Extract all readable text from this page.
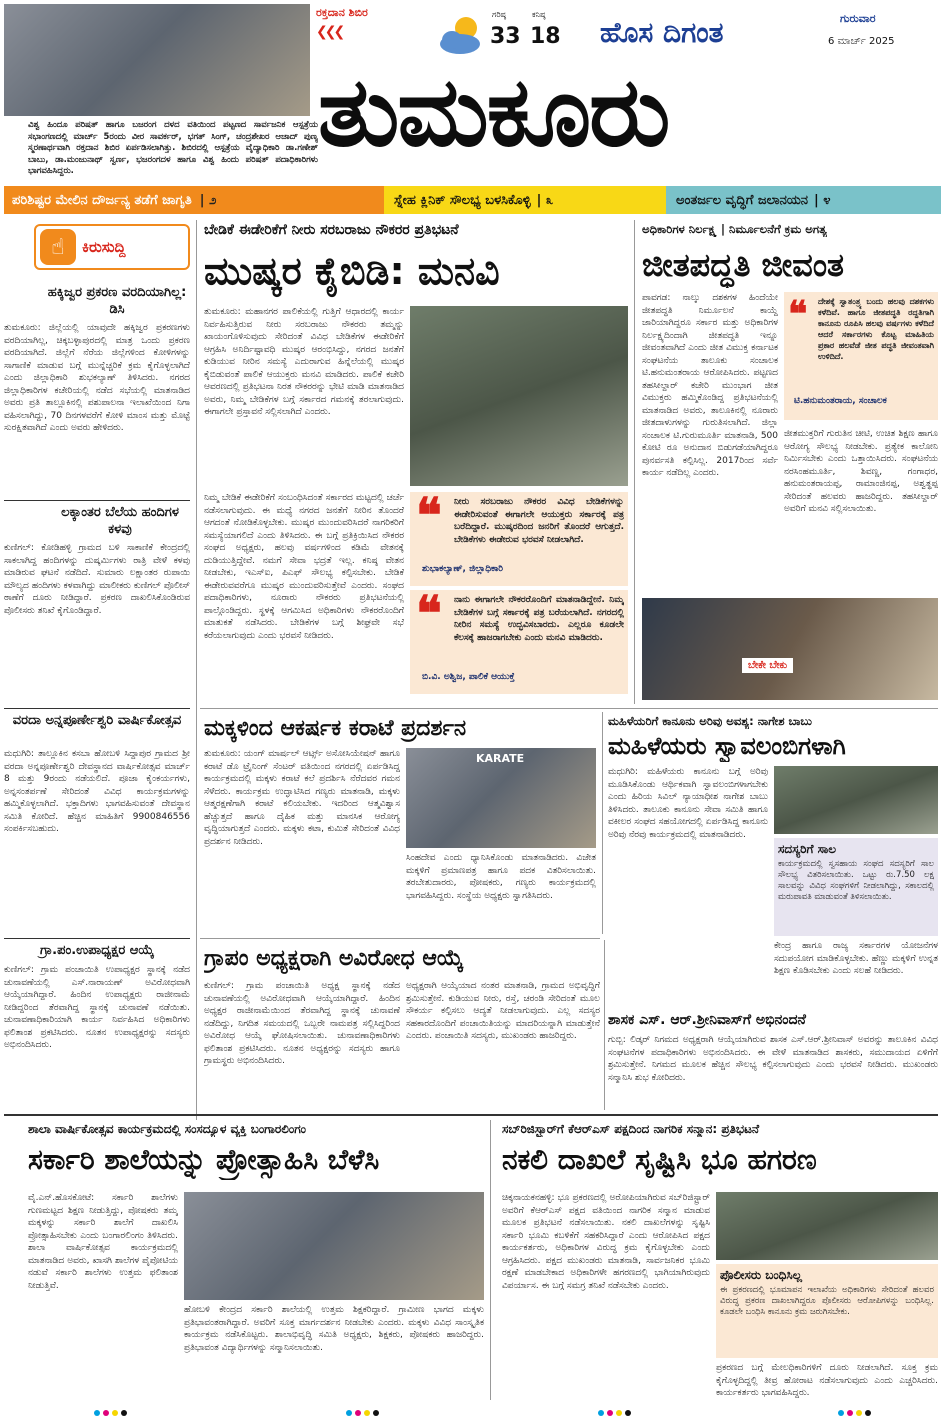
ವಿಶ್ವ ಹಿಂದೂ ಪರಿಷತ್ ಹಾಗೂ ಬಜರಂಗ ದಳದ ವತಿಯಿಂದ ಪಟ್ಟಣದ ಸಾರ್ವಜನಿಕ ಆಸ್ಪತ್ರೆಯ ಸಭಾಂಗಣದಲ್ಲಿ ಮಾರ್ಚ್ 5ರಂದು ವೀರ ಸಾವರ್ಕರ್, ಭಗತ್ ಸಿಂಗ್, ಚಂದ್ರಶೇಖರ ಆಜಾದ್ ಪುಣ್ಯ ಸ್ಮರಣಾರ್ಥವಾಗಿ ರಕ್ತದಾನ ಶಿಬಿರ ಏರ್ಪಡಿಸಲಾಗಿತ್ತು. ಶಿಬಿರದಲ್ಲಿ ಆಸ್ಪತ್ರೆಯ ವೈದ್ಯಾಧಿಕಾರಿ ಡಾ.ಗಣೇಶ್ ಬಾಬು, ಡಾ.ಮಂಜುನಾಥ್ ಸ್ವರ್ಣ, ಭಜರಂಗದಳ ಹಾಗೂ ವಿಶ್ವ ಹಿಂದು ಪರಿಷತ್ ಪದಾಧಿಕಾರಿಗಳು ಭಾಗವಹಿಸಿದ್ದರು.
ರಕ್ತದಾನ ಶಿಬಿರ
❮❮❮
ಗರಿಷ್ಠ
33
ಕನಿಷ್ಠ
18 ಹೊಸ ದಿಗಂತ	ಗುರುವಾರ
6 ಮಾರ್ಚ್ 2025
ತುಮಕೂರು
ಪರಿಶಿಷ್ಟರ ಮೇಲಿನ ದೌರ್ಜನ್ಯ ತಡೆಗೆ ಜಾಗೃತಿ | ೨	ಸ್ನೇಹ ಕ್ಲಿನಿಕ್ ಸೌಲಭ್ಯ ಬಳಸಿಕೊಳ್ಳಿ | ೩	ಅಂತರ್ಜಲ ವೃದ್ಧಿಗೆ ಜಲಾನಯನ | ೪
☝	ಕಿರುಸುದ್ದಿ
ಹಕ್ಕಿಜ್ವರ ಪ್ರಕರಣ ವರದಿಯಾಗಿಲ್ಲ: ಡಿಸಿ
ತುಮಕೂರು: ಜಿಲ್ಲೆಯಲ್ಲಿ ಯಾವುದೇ ಹಕ್ಕಿಜ್ವರ ಪ್ರಕರಣಗಳು ವರದಿಯಾಗಿಲ್ಲ, ಚಿಕ್ಕಬಳ್ಳಾಪುರದಲ್ಲಿ ಮಾತ್ರ ಒಂದು ಪ್ರಕರಣ ವರದಿಯಾಗಿದೆ. ಜಿಲ್ಲೆಗೆ ನೆರೆಯ ಜಿಲ್ಲೆಗಳಿಂದ ಕೋಳಿಗಳನ್ನು ಸಾಗಾಣಿಕೆ ಮಾಡುವ ಬಗ್ಗೆ ಮುನ್ನೆಚ್ಚರಿಕೆ ಕ್ರಮ ಕೈಗೊಳ್ಳಲಾಗಿದೆ ಎಂದು ಜಿಲ್ಲಾಧಿಕಾರಿ ಶುಭಕಲ್ಯಾಣ್ ತಿಳಿಸಿದರು. ನಗರದ ಜಿಲ್ಲಾಧಿಕಾರಿಗಳ ಕಚೇರಿಯಲ್ಲಿ ನಡೆದ ಸಭೆಯಲ್ಲಿ ಮಾತನಾಡಿದ ಅವರು ಪ್ರತಿ ತಾಲ್ಲೂಕಿನಲ್ಲಿ ಪಶುಪಾಲನಾ ಇಲಾಖೆಯಿಂದ ನಿಗಾ ವಹಿಸಲಾಗಿದ್ದು, 70 ದಿನಗಳವರೆಗೆ ಕೋಳಿ ಮಾಂಸ ಮತ್ತು ಮೊಟ್ಟೆ ಸುರಕ್ಷಿತವಾಗಿದೆ ಎಂದು ಅವರು ಹೇಳಿದರು.
ಲಕ್ಕಾಂತರ ಬೆಲೆಯ ಹಂದಿಗಳ ಕಳವು
ಕುಣಿಗಲ್: ಕೋಡಿಹಳ್ಳಿ ಗ್ರಾಮದ ಬಳಿ ಸಾಕಾಣಿಕೆ ಕೇಂದ್ರದಲ್ಲಿ ಸಾಕಲಾಗಿದ್ದ ಹಂದಿಗಳನ್ನು ದುಷ್ಕರ್ಮಿಗಳು ರಾತ್ರಿ ವೇಳೆ ಕಳವು ಮಾಡಿರುವ ಘಟನೆ ನಡೆದಿದೆ. ಸುಮಾರು ಲಕ್ಷಾಂತರ ರುಪಾಯಿ ಮೌಲ್ಯದ ಹಂದಿಗಳು ಕಳವಾಗಿದ್ದು ಮಾಲೀಕರು ಕುಣಿಗಲ್ ಪೊಲೀಸ್ ಠಾಣೆಗೆ ದೂರು ನೀಡಿದ್ದಾರೆ. ಪ್ರಕರಣ ದಾಖಲಿಸಿಕೊಂಡಿರುವ ಪೊಲೀಸರು ತನಿಖೆ ಕೈಗೊಂಡಿದ್ದಾರೆ.
ವರದಾ ಅನ್ನಪೂರ್ಣೇಶ್ವರಿ ವಾರ್ಷಿಕೋತ್ಸವ
ಮಧುಗಿರಿ: ತಾಲ್ಲೂಕಿನ ಕಸಬಾ ಹೋಬಳಿ ಸಿದ್ದಾಪುರ ಗ್ರಾಮದ ಶ್ರೀ ವರದಾ ಅನ್ನಪೂರ್ಣೇಶ್ವರಿ ದೇವಸ್ಥಾನದ ವಾರ್ಷಿಕೋತ್ಸವ ಮಾರ್ಚ್ 8 ಮತ್ತು 9ರಂದು ನಡೆಯಲಿದೆ. ಪೂಜಾ ಕೈಂಕರ್ಯಗಳು, ಅನ್ನಸಂತರ್ಪಣೆ ಸೇರಿದಂತೆ ವಿವಿಧ ಕಾರ್ಯಕ್ರಮಗಳನ್ನು ಹಮ್ಮಿಕೊಳ್ಳಲಾಗಿದೆ. ಭಕ್ತಾದಿಗಳು ಭಾಗವಹಿಸುವಂತೆ ದೇವಸ್ಥಾನ ಸಮಿತಿ ಕೋರಿದೆ. ಹೆಚ್ಚಿನ ಮಾಹಿತಿಗೆ 9900846556 ಸಂಪರ್ಕಿಸಬಹುದು.
ಗ್ರಾ.ಪಂ.ಉಪಾಧ್ಯಕ್ಷರ ಆಯ್ಕೆ
ಕುಣಿಗಲ್: ಗ್ರಾಮ ಪಂಚಾಯಿತಿ ಉಪಾಧ್ಯಕ್ಷರ ಸ್ಥಾನಕ್ಕೆ ನಡೆದ ಚುನಾವಣೆಯಲ್ಲಿ ಎಸ್.ನಾರಾಯಣ್ ಅವಿರೋಧವಾಗಿ ಆಯ್ಕೆಯಾಗಿದ್ದಾರೆ. ಹಿಂದಿನ ಉಪಾಧ್ಯಕ್ಷರು ರಾಜೀನಾಮೆ ನೀಡಿದ್ದರಿಂದ ತೆರವಾಗಿದ್ದ ಸ್ಥಾನಕ್ಕೆ ಚುನಾವಣೆ ನಡೆಯಿತು. ಚುನಾವಣಾಧಿಕಾರಿಯಾಗಿ ಕಾರ್ಯ ನಿರ್ವಹಿಸಿದ ಅಧಿಕಾರಿಗಳು ಫಲಿತಾಂಶ ಪ್ರಕಟಿಸಿದರು. ನೂತನ ಉಪಾಧ್ಯಕ್ಷರನ್ನು ಸದಸ್ಯರು ಅಭಿನಂದಿಸಿದರು.
ಬೇಡಿಕೆ ಈಡೇರಿಕೆಗೆ ನೀರು ಸರಬರಾಜು ನೌಕರರ ಪ್ರತಿಭಟನೆ
ಮುಷ್ಕರ ಕೈಬಿಡಿ: ಮನವಿ
ತುಮಕೂರು: ಮಹಾನಗರ ಪಾಲಿಕೆಯಲ್ಲಿ ಗುತ್ತಿಗೆ ಆಧಾರದಲ್ಲಿ ಕಾರ್ಯ ನಿರ್ವಹಿಸುತ್ತಿರುವ ನೀರು ಸರಬರಾಜು ನೌಕರರು ತಮ್ಮನ್ನು ಖಾಯಂಗೊಳಿಸುವುದು ಸೇರಿದಂತೆ ವಿವಿಧ ಬೇಡಿಕೆಗಳ ಈಡೇರಿಕೆಗೆ ಆಗ್ರಹಿಸಿ ಅನಿರ್ದಿಷ್ಟಾವಧಿ ಮುಷ್ಕರ ಆರಂಭಿಸಿದ್ದು, ನಗರದ ಜನತೆಗೆ ಕುಡಿಯುವ ನೀರಿನ ಸಮಸ್ಯೆ ಎದುರಾಗುವ ಹಿನ್ನೆಲೆಯಲ್ಲಿ ಮುಷ್ಕರ ಕೈಬಿಡುವಂತೆ ಪಾಲಿಕೆ ಆಯುಕ್ತರು ಮನವಿ ಮಾಡಿದರು. ಪಾಲಿಕೆ ಕಚೇರಿ ಆವರಣದಲ್ಲಿ ಪ್ರತಿಭಟನಾ ನಿರತ ನೌಕರರನ್ನು ಭೇಟಿ ಮಾಡಿ ಮಾತನಾಡಿದ ಅವರು, ನಿಮ್ಮ ಬೇಡಿಕೆಗಳ ಬಗ್ಗೆ ಸರ್ಕಾರದ ಗಮನಕ್ಕೆ ತರಲಾಗುವುದು. ಈಗಾಗಲೇ ಪ್ರಸ್ತಾವನೆ ಸಲ್ಲಿಸಲಾಗಿದೆ ಎಂದರು.
ನಿಮ್ಮ ಬೇಡಿಕೆ ಈಡೇರಿಕೆಗೆ ಸಂಬಂಧಿಸಿದಂತೆ ಸರ್ಕಾರದ ಮಟ್ಟದಲ್ಲಿ ಚರ್ಚೆ ನಡೆಸಲಾಗುವುದು. ಈ ಮಧ್ಯೆ ನಗರದ ಜನತೆಗೆ ನೀರಿನ ತೊಂದರೆ ಆಗದಂತೆ ನೋಡಿಕೊಳ್ಳಬೇಕು. ಮುಷ್ಕರ ಮುಂದುವರಿಸಿದರೆ ನಾಗರಿಕರಿಗೆ ಸಮಸ್ಯೆಯಾಗಲಿದೆ ಎಂದು ತಿಳಿಸಿದರು. ಈ ಬಗ್ಗೆ ಪ್ರತಿಕ್ರಿಯಿಸಿದ ನೌಕರರ ಸಂಘದ ಅಧ್ಯಕ್ಷರು, ಹಲವು ವರ್ಷಗಳಿಂದ ಕಡಿಮೆ ವೇತನಕ್ಕೆ ದುಡಿಯುತ್ತಿದ್ದೇವೆ. ನಮಗೆ ಸೇವಾ ಭದ್ರತೆ ಇಲ್ಲ. ಕನಿಷ್ಠ ವೇತನ ನೀಡಬೇಕು, ಇಎಸ್ಐ, ಪಿಎಫ್ ಸೌಲಭ್ಯ ಕಲ್ಪಿಸಬೇಕು. ಬೇಡಿಕೆ ಈಡೇರುವವರೆಗೂ ಮುಷ್ಕರ ಮುಂದುವರಿಸುತ್ತೇವೆ ಎಂದರು. ಸಂಘದ ಪದಾಧಿಕಾರಿಗಳು, ನೂರಾರು ನೌಕರರು ಪ್ರತಿಭಟನೆಯಲ್ಲಿ ಪಾಲ್ಗೊಂಡಿದ್ದರು. ಸ್ಥಳಕ್ಕೆ ಆಗಮಿಸಿದ ಅಧಿಕಾರಿಗಳು ನೌಕರರೊಂದಿಗೆ ಮಾತುಕತೆ ನಡೆಸಿದರು. ಬೇಡಿಕೆಗಳ ಬಗ್ಗೆ ಶೀಘ್ರವೇ ಸಭೆ ಕರೆಯಲಾಗುವುದು ಎಂದು ಭರವಸೆ ನೀಡಿದರು.
❝ ನೀರು ಸರಬರಾಜು ನೌಕರರ ವಿವಿಧ ಬೇಡಿಕೆಗಳನ್ನು ಈಡೇರಿಸುವಂತೆ ಈಗಾಗಲೇ ಆಯುಕ್ತರು ಸರ್ಕಾರಕ್ಕೆ ಪತ್ರ ಬರೆದಿದ್ದಾರೆ. ಮುಷ್ಕರದಿಂದ ಜನರಿಗೆ ತೊಂದರೆ ಆಗುತ್ತದೆ. ಬೇಡಿಕೆಗಳು ಈಡೇರುವ ಭರವಸೆ ನೀಡಲಾಗಿದೆ.
ಶುಭಾಕಲ್ಯಾಣ್, ಜಿಲ್ಲಾಧಿಕಾರಿ
❝ ನಾನು ಈಗಾಗಲೇ ನೌಕರರೊಂದಿಗೆ ಮಾತನಾಡಿದ್ದೇನೆ. ನಿಮ್ಮ ಬೇಡಿಕೆಗಳ ಬಗ್ಗೆ ಸರ್ಕಾರಕ್ಕೆ ಪತ್ರ ಬರೆಯಲಾಗಿದೆ. ನಗರದಲ್ಲಿ ನೀರಿನ ಸಮಸ್ಯೆ ಉದ್ಭವಿಸಬಾರದು. ಎಲ್ಲರೂ ಕೂಡಲೇ ಕೆಲಸಕ್ಕೆ ಹಾಜರಾಗಬೇಕು ಎಂದು ಮನವಿ ಮಾಡಿದರು.
ಬಿ.ವಿ. ಅಶ್ವಿಜ, ಪಾಲಿಕೆ ಆಯುಕ್ತೆ
ಅಧಿಕಾರಿಗಳ ನಿರ್ಲಕ್ಷ್ಯ | ನಿರ್ಮೂಲನೆಗೆ ಕ್ರಮ ಅಗತ್ಯ
ಜೀತಪದ್ಧತಿ ಜೀವಂತ
ಪಾವಗಡ: ನಾಲ್ಕು ದಶಕಗಳ ಹಿಂದೆಯೇ ಜೀತಪದ್ಧತಿ ನಿರ್ಮೂಲನೆ ಕಾಯ್ದೆ ಜಾರಿಯಾಗಿದ್ದರೂ ಸರ್ಕಾರ ಮತ್ತು ಅಧಿಕಾರಿಗಳ ನಿರ್ಲಕ್ಷ್ಯದಿಂದಾಗಿ ಜೀತಪದ್ಧತಿ ಇನ್ನೂ ಜೀವಂತವಾಗಿದೆ ಎಂದು ಜೀತ ವಿಮುಕ್ತ ಕರ್ನಾಟಕ ಸಂಘಟನೆಯ ತಾಲೂಕು ಸಂಚಾಲಕ ಟಿ.ಹನುಮಂತರಾಯ ಆರೋಪಿಸಿದರು. ಪಟ್ಟಣದ ತಹಸೀಲ್ದಾರ್ ಕಚೇರಿ ಮುಂಭಾಗ ಜೀತ ವಿಮುಕ್ತರು ಹಮ್ಮಿಕೊಂಡಿದ್ದ ಪ್ರತಿಭಟನೆಯಲ್ಲಿ ಮಾತನಾಡಿದ ಅವರು, ತಾಲೂಕಿನಲ್ಲಿ ನೂರಾರು ಜೀತದಾಳುಗಳನ್ನು ಗುರುತಿಸಲಾಗಿದೆ. ಜಿಲ್ಲಾ ಸಂಚಾಲಕ ಟಿ.ಗುರುಮೂರ್ತಿ ಮಾತನಾಡಿ, 500 ಕೋಟಿ ರೂ ಅನುದಾನ ಬಿಡುಗಡೆಯಾಗಿದ್ದರೂ ಪುನರ್ವಸತಿ ಕಲ್ಪಿಸಿಲ್ಲ. 2017ರಿಂದ ಸರ್ವೆ ಕಾರ್ಯ ನಡೆದಿಲ್ಲ ಎಂದರು.
❝ ದೇಶಕ್ಕೆ ಸ್ವಾತಂತ್ರ್ಯ ಬಂದು ಹಲವು ದಶಕಗಳು ಕಳೆದಿವೆ. ಹಾಗೂ ಜೀತಪದ್ಧತಿ ರದ್ದತಿಗಾಗಿ ಕಾನೂನು ರೂಪಿಸಿ ಹಲವು ವರ್ಷಗಳು ಕಳೆದಿದೆ ಆದರೆ ಸರ್ಕಾರಗಳು ಕೊಟ್ಟ ಮಾಹಿತಿಯ ಪ್ರಕಾರ ಹಲವೆಡೆ ಜೀತ ಪದ್ಧತಿ ಜೀವಂತವಾಗಿ ಉಳಿದಿದೆ.
ಟಿ.ಹನುಮಂತರಾಯ, ಸಂಚಾಲಕ
ಜೀತಮುಕ್ತರಿಗೆ ಗುರುತಿನ ಚೀಟಿ, ಉಚಿತ ಶಿಕ್ಷಣ ಹಾಗೂ ಆರೋಗ್ಯ ಸೌಲಭ್ಯ ನೀಡಬೇಕು. ಪ್ರತ್ಯೇಕ ಕಾಲೋನಿ ನಿರ್ಮಿಸಬೇಕು ಎಂದು ಒತ್ತಾಯಿಸಿದರು. ಸಂಘಟನೆಯ ನರಸಿಂಹಮೂರ್ತಿ, ಶಿವಣ್ಣ, ಗಂಗಾಧರ, ಹನುಮಂತರಾಯಪ್ಪ, ರಾಮಾಂಜಿನಪ್ಪ, ಅಶ್ವತ್ಥಪ್ಪ ಸೇರಿದಂತೆ ಹಲವರು ಹಾಜರಿದ್ದರು. ತಹಸೀಲ್ದಾರ್ ಅವರಿಗೆ ಮನವಿ ಸಲ್ಲಿಸಲಾಯಿತು.
ಬೇಕೇ ಬೇಕು
ಮಕ್ಕಳಿಂದ ಆಕರ್ಷಕ ಕರಾಟೆ ಪ್ರದರ್ಶನ
ತುಮಕೂರು: ಯಂಗ್ ಮಾರ್ಷಲ್ ಆರ್ಟ್ಸ್ ಅಸೋಸಿಯೇಷನ್ ಹಾಗೂ ಕರಾಟೆ ಡೊ ಟ್ರೈನಿಂಗ್ ಸೆಂಟರ್ ವತಿಯಿಂದ ನಗರದಲ್ಲಿ ಏರ್ಪಡಿಸಿದ್ದ ಕಾರ್ಯಕ್ರಮದಲ್ಲಿ ಮಕ್ಕಳು ಕರಾಟೆ ಕಲೆ ಪ್ರದರ್ಶಿಸಿ ನೆರೆದವರ ಗಮನ ಸೆಳೆದರು. ಕಾರ್ಯಕ್ರಮ ಉದ್ಘಾಟಿಸಿದ ಗಣ್ಯರು ಮಾತನಾಡಿ, ಮಕ್ಕಳು ಆತ್ಮರಕ್ಷಣೆಗಾಗಿ ಕರಾಟೆ ಕಲಿಯಬೇಕು. ಇದರಿಂದ ಆತ್ಮವಿಶ್ವಾಸ ಹೆಚ್ಚುತ್ತದೆ ಹಾಗೂ ದೈಹಿಕ ಮತ್ತು ಮಾನಸಿಕ ಆರೋಗ್ಯ ವೃದ್ಧಿಯಾಗುತ್ತದೆ ಎಂದರು. ಮಕ್ಕಳು ಕಟಾ, ಕುಮಿತೆ ಸೇರಿದಂತೆ ವಿವಿಧ ಪ್ರದರ್ಶನ ನೀಡಿದರು.
KARATE
ಸಿಂಹದೇವ ಎಂದು ಧ್ಯಾನಿಸಿಕೊಂಡು ಮಾತನಾಡಿದರು. ವಿಜೇತ ಮಕ್ಕಳಿಗೆ ಪ್ರಮಾಣಪತ್ರ ಹಾಗೂ ಪದಕ ವಿತರಿಸಲಾಯಿತು. ತರಬೇತುದಾರರು, ಪೋಷಕರು, ಗಣ್ಯರು ಕಾರ್ಯಕ್ರಮದಲ್ಲಿ ಭಾಗವಹಿಸಿದ್ದರು. ಸಂಸ್ಥೆಯ ಅಧ್ಯಕ್ಷರು ಸ್ವಾಗತಿಸಿದರು.
ಮಹಿಳೆಯರಿಗೆ ಕಾನೂನು ಅರಿವು ಅವಶ್ಯ: ನಾಗೇಶ ಬಾಬು
ಮಹಿಳೆಯರು ಸ್ವಾವಲಂಬಿಗಳಾಗಿ
ಮಧುಗಿರಿ: ಮಹಿಳೆಯರು ಕಾನೂನು ಬಗ್ಗೆ ಅರಿವು ಮೂಡಿಸಿಕೊಂಡು ಆರ್ಥಿಕವಾಗಿ ಸ್ವಾವಲಂಬಿಗಳಾಗಬೇಕು ಎಂದು ಹಿರಿಯ ಸಿವಿಲ್ ನ್ಯಾಯಾಧೀಶ ನಾಗೇಶ ಬಾಬು ತಿಳಿಸಿದರು. ತಾಲೂಕು ಕಾನೂನು ಸೇವಾ ಸಮಿತಿ ಹಾಗೂ ವಕೀಲರ ಸಂಘದ ಸಹಯೋಗದಲ್ಲಿ ಏರ್ಪಡಿಸಿದ್ದ ಕಾನೂನು ಅರಿವು ನೆರವು ಕಾರ್ಯಕ್ರಮದಲ್ಲಿ ಮಾತನಾಡಿದರು.
ಸದಸ್ಯರಿಗೆ ಸಾಲ
ಕಾರ್ಯಕ್ರಮದಲ್ಲಿ ಸ್ವಸಹಾಯ ಸಂಘದ ಸದಸ್ಯರಿಗೆ ಸಾಲ ಸೌಲಭ್ಯ ವಿತರಿಸಲಾಯಿತು. ಒಟ್ಟು ರು.7.50 ಲಕ್ಷ ಸಾಲವನ್ನು ವಿವಿಧ ಸಂಘಗಳಿಗೆ ನೀಡಲಾಗಿದ್ದು, ಸಕಾಲದಲ್ಲಿ ಮರುಪಾವತಿ ಮಾಡುವಂತೆ ತಿಳಿಸಲಾಯಿತು.
ಕೇಂದ್ರ ಹಾಗೂ ರಾಜ್ಯ ಸರ್ಕಾರಗಳ ಯೋಜನೆಗಳ ಸದುಪಯೋಗ ಮಾಡಿಕೊಳ್ಳಬೇಕು. ಹೆಣ್ಣು ಮಕ್ಕಳಿಗೆ ಉನ್ನತ ಶಿಕ್ಷಣ ಕೊಡಿಸಬೇಕು ಎಂದು ಸಲಹೆ ನೀಡಿದರು.
ಗ್ರಾಪಂ ಅಧ್ಯಕ್ಷರಾಗಿ ಅವಿರೋಧ ಆಯ್ಕೆ
ಕುಣಿಗಲ್: ಗ್ರಾಮ ಪಂಚಾಯಿತಿ ಅಧ್ಯಕ್ಷ ಸ್ಥಾನಕ್ಕೆ ನಡೆದ ಚುನಾವಣೆಯಲ್ಲಿ ಅವಿರೋಧವಾಗಿ ಆಯ್ಕೆಯಾಗಿದ್ದಾರೆ. ಹಿಂದಿನ ಅಧ್ಯಕ್ಷರ ರಾಜೀನಾಮೆಯಿಂದ ತೆರವಾಗಿದ್ದ ಸ್ಥಾನಕ್ಕೆ ಚುನಾವಣೆ ನಡೆದಿದ್ದು, ನಿಗದಿತ ಸಮಯದಲ್ಲಿ ಒಬ್ಬರೇ ನಾಮಪತ್ರ ಸಲ್ಲಿಸಿದ್ದರಿಂದ ಅವಿರೋಧ ಆಯ್ಕೆ ಘೋಷಿಸಲಾಯಿತು. ಚುನಾವಣಾಧಿಕಾರಿಗಳು ಫಲಿತಾಂಶ ಪ್ರಕಟಿಸಿದರು. ನೂತನ ಅಧ್ಯಕ್ಷರನ್ನು ಸದಸ್ಯರು ಹಾಗೂ ಗ್ರಾಮಸ್ಥರು ಅಭಿನಂದಿಸಿದರು.
ಅಧ್ಯಕ್ಷರಾಗಿ ಆಯ್ಕೆಯಾದ ನಂತರ ಮಾತನಾಡಿ, ಗ್ರಾಮದ ಅಭಿವೃದ್ಧಿಗೆ ಶ್ರಮಿಸುತ್ತೇನೆ. ಕುಡಿಯುವ ನೀರು, ರಸ್ತೆ, ಚರಂಡಿ ಸೇರಿದಂತೆ ಮೂಲ ಸೌಕರ್ಯ ಕಲ್ಪಿಸಲು ಆದ್ಯತೆ ನೀಡಲಾಗುವುದು. ಎಲ್ಲ ಸದಸ್ಯರ ಸಹಕಾರದೊಂದಿಗೆ ಪಂಚಾಯಿತಿಯನ್ನು ಮಾದರಿಯನ್ನಾಗಿ ಮಾಡುತ್ತೇನೆ ಎಂದರು. ಪಂಚಾಯಿತಿ ಸದಸ್ಯರು, ಮುಖಂಡರು ಹಾಜರಿದ್ದರು.
ಶಾಸಕ ಎಸ್. ಆರ್.ಶ್ರೀನಿವಾಸ್‌ಗೆ ಅಭಿನಂದನೆ
ಗುಬ್ಬಿ: ಲಿಡ್ಕರ್ ನಿಗಮದ ಅಧ್ಯಕ್ಷರಾಗಿ ಆಯ್ಕೆಯಾಗಿರುವ ಶಾಸಕ ಎಸ್.ಆರ್.ಶ್ರೀನಿವಾಸ್ ಅವರನ್ನು ತಾಲೂಕಿನ ವಿವಿಧ ಸಂಘಟನೆಗಳ ಪದಾಧಿಕಾರಿಗಳು ಅಭಿನಂದಿಸಿದರು. ಈ ವೇಳೆ ಮಾತನಾಡಿದ ಶಾಸಕರು, ಸಮುದಾಯದ ಏಳಿಗೆಗೆ ಶ್ರಮಿಸುತ್ತೇನೆ. ನಿಗಮದ ಮೂಲಕ ಹೆಚ್ಚಿನ ಸೌಲಭ್ಯ ಕಲ್ಪಿಸಲಾಗುವುದು ಎಂದು ಭರವಸೆ ನೀಡಿದರು. ಮುಖಂಡರು ಸನ್ಮಾನಿಸಿ ಶುಭ ಕೋರಿದರು.
ಶಾಲಾ ವಾರ್ಷಿಕೋತ್ಸವ ಕಾರ್ಯಕ್ರಮದಲ್ಲಿ ಸಂಸದ್ಯೂಳ ವ್ಯಕ್ತಿ ಬಂಗಾರಲಿಂಗಂ
ಸರ್ಕಾರಿ ಶಾಲೆಯನ್ನು ಪ್ರೋತ್ಸಾಹಿಸಿ ಬೆಳೆಸಿ
ವೈ.ಎನ್.ಹೊಸಕೋಟೆ: ಸರ್ಕಾರಿ ಶಾಲೆಗಳು ಗುಣಮಟ್ಟದ ಶಿಕ್ಷಣ ನೀಡುತ್ತಿದ್ದು, ಪೋಷಕರು ತಮ್ಮ ಮಕ್ಕಳನ್ನು ಸರ್ಕಾರಿ ಶಾಲೆಗೆ ದಾಖಲಿಸಿ ಪ್ರೋತ್ಸಾಹಿಸಬೇಕು ಎಂದು ಬಂಗಾರಲಿಂಗಂ ತಿಳಿಸಿದರು. ಶಾಲಾ ವಾರ್ಷಿಕೋತ್ಸವ ಕಾರ್ಯಕ್ರಮದಲ್ಲಿ ಮಾತನಾಡಿದ ಅವರು, ಖಾಸಗಿ ಶಾಲೆಗಳ ಪೈಪೋಟಿಯ ನಡುವೆ ಸರ್ಕಾರಿ ಶಾಲೆಗಳು ಉತ್ತಮ ಫಲಿತಾಂಶ ನೀಡುತ್ತಿವೆ.
ಹೋಬಳಿ ಕೇಂದ್ರದ ಸರ್ಕಾರಿ ಶಾಲೆಯಲ್ಲಿ ಉತ್ತಮ ಶಿಕ್ಷಕರಿದ್ದಾರೆ. ಗ್ರಾಮೀಣ ಭಾಗದ ಮಕ್ಕಳು ಪ್ರತಿಭಾವಂತರಾಗಿದ್ದಾರೆ. ಅವರಿಗೆ ಸೂಕ್ತ ಮಾರ್ಗದರ್ಶನ ನೀಡಬೇಕು ಎಂದರು. ಮಕ್ಕಳು ವಿವಿಧ ಸಾಂಸ್ಕೃತಿಕ ಕಾರ್ಯಕ್ರಮ ನಡೆಸಿಕೊಟ್ಟರು. ಶಾಲಾಭಿವೃದ್ಧಿ ಸಮಿತಿ ಅಧ್ಯಕ್ಷರು, ಶಿಕ್ಷಕರು, ಪೋಷಕರು ಹಾಜರಿದ್ದರು. ಪ್ರತಿಭಾವಂತ ವಿದ್ಯಾರ್ಥಿಗಳನ್ನು ಸನ್ಮಾನಿಸಲಾಯಿತು.
ಸಬ್‌ರಿಜಿಸ್ಟ್ರಾರ್‌ಗೆ ಕೆಆರ್‌ಎಸ್ ಪಕ್ಷದಿಂದ ನಾಗರಿಕ ಸನ್ಮಾನ: ಪ್ರತಿಭಟನೆ
ನಕಲಿ ದಾಖಲೆ ಸೃಷ್ಟಿಸಿ ಭೂ ಹಗರಣ
ಚಿಕ್ಕನಾಯಕನಹಳ್ಳಿ: ಭೂ ಪ್ರಕರಣದಲ್ಲಿ ಅರೋಪಿಯಾಗಿರುವ ಸಬ್‌ರಿಜಿಸ್ಟ್ರಾರ್ ಅವರಿಗೆ ಕೆಆರ್‌ಎಸ್ ಪಕ್ಷದ ವತಿಯಿಂದ ನಾಗರಿಕ ಸನ್ಮಾನ ಮಾಡುವ ಮೂಲಕ ಪ್ರತಿಭಟನೆ ನಡೆಸಲಾಯಿತು. ನಕಲಿ ದಾಖಲೆಗಳನ್ನು ಸೃಷ್ಟಿಸಿ ಸರ್ಕಾರಿ ಭೂಮಿ ಕಬಳಿಕೆಗೆ ಸಹಕರಿಸಿದ್ದಾರೆ ಎಂದು ಆರೋಪಿಸಿದ ಪಕ್ಷದ ಕಾರ್ಯಕರ್ತರು, ಅಧಿಕಾರಿಗಳ ವಿರುದ್ಧ ಕ್ರಮ ಕೈಗೊಳ್ಳಬೇಕು ಎಂದು ಆಗ್ರಹಿಸಿದರು. ಪಕ್ಷದ ಮುಖಂಡರು ಮಾತನಾಡಿ, ಸಾರ್ವಜನಿಕರ ಭೂಮಿ ರಕ್ಷಣೆ ಮಾಡಬೇಕಾದ ಅಧಿಕಾರಿಗಳೇ ಹಗರಣದಲ್ಲಿ ಭಾಗಿಯಾಗಿರುವುದು ವಿಪರ್ಯಾಸ. ಈ ಬಗ್ಗೆ ಸಮಗ್ರ ತನಿಖೆ ನಡೆಸಬೇಕು ಎಂದರು.
ಪೊಲೀಸರು ಬಂಧಿಸಿಲ್ಲ
ಈ ಪ್ರಕರಣದಲ್ಲಿ ಭೂಮಾಪನ ಇಲಾಖೆಯ ಅಧಿಕಾರಿಗಳು ಸೇರಿದಂತೆ ಹಲವರ ವಿರುದ್ಧ ಪ್ರಕರಣ ದಾಖಲಾಗಿದ್ದರೂ ಪೊಲೀಸರು ಆರೋಪಿಗಳನ್ನು ಬಂಧಿಸಿಲ್ಲ. ಕೂಡಲೇ ಬಂಧಿಸಿ ಕಾನೂನು ಕ್ರಮ ಜರುಗಿಸಬೇಕು.
ಪ್ರಕರಣದ ಬಗ್ಗೆ ಮೇಲಧಿಕಾರಿಗಳಿಗೆ ದೂರು ನೀಡಲಾಗಿದೆ. ಸೂಕ್ತ ಕ್ರಮ ಕೈಗೊಳ್ಳದಿದ್ದಲ್ಲಿ ತೀವ್ರ ಹೋರಾಟ ನಡೆಸಲಾಗುವುದು ಎಂದು ಎಚ್ಚರಿಸಿದರು. ಕಾರ್ಯಕರ್ತರು ಭಾಗವಹಿಸಿದ್ದರು.
